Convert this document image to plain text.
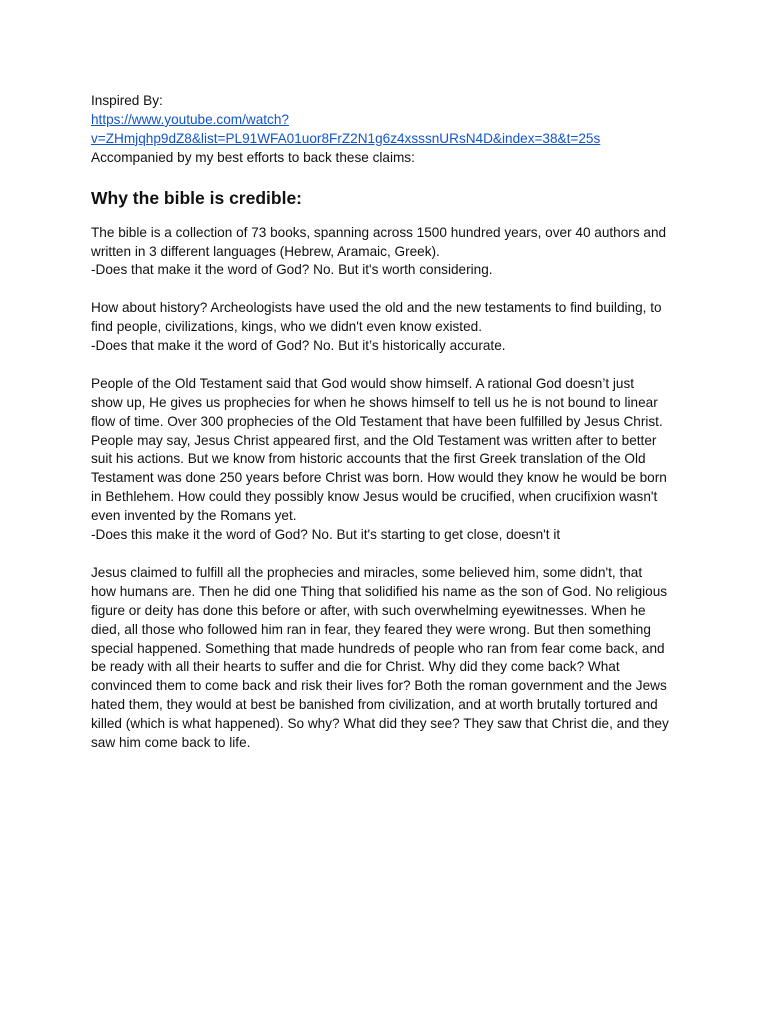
Inspired By:

https://www.youtube.com/watch?
v=ZHmjqhp9dZ8&list=PL91WFA01uor8FrZ2N1g6z4xsssnURsN4D&index=38&t=25s

Accompanied by my best efforts to back these claims:

Why the bible is credible:

The bible is a collection of 73 books, spanning across 1500 hundred years, over 40 authors and

written in 3 different languages (Hebrew, Aramaic, Greek).

-Does that make it the word of God? No. But it's worth considering.

How about history? Archeologists have used the old and the new testaments to find building, to

find people, civilizations, kings, who we didn't even know existed.

-Does that make it the word of God? No. But it’s historically accurate.

People of the Old Testament said that God would show himself. A rational God doesn’t just

show up, He gives us prophecies for when he shows himself to tell us he is not bound to linear

flow of time. Over 300 prophecies of the Old Testament that have been fulfilled by Jesus Christ.

People may say, Jesus Christ appeared first, and the Old Testament was written after to better

suit his actions. But we know from historic accounts that the first Greek translation of the Old

Testament was done 250 years before Christ was born. How would they know he would be born

in Bethlehem. How could they possibly know Jesus would be crucified, when crucifixion wasn't

even invented by the Romans yet.

-Does this make it the word of God? No. But it's starting to get close, doesn't it

Jesus claimed to fulfill all the prophecies and miracles, some believed him, some didn't, that

how humans are. Then he did one Thing that solidified his name as the son of God. No religious

figure or deity has done this before or after, with such overwhelming eyewitnesses. When he

died, all those who followed him ran in fear, they feared they were wrong. But then something

special happened. Something that made hundreds of people who ran from fear come back, and

be ready with all their hearts to suffer and die for Christ. Why did they come back? What

convinced them to come back and risk their lives for? Both the roman government and the Jews

hated them, they would at best be banished from civilization, and at worth brutally tortured and

killed (which is what happened). So why? What did they see? They saw that Christ die, and they

saw him come back to life.
